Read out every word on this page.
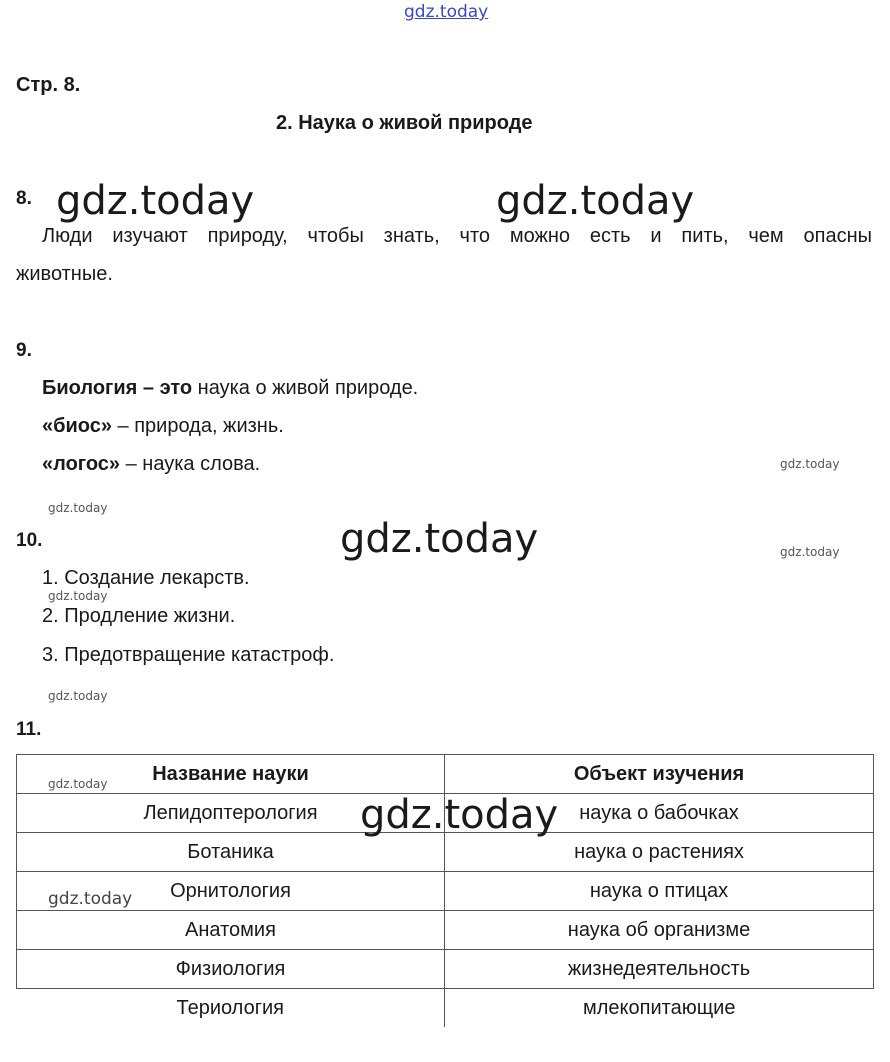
gdz.today
Стр. 8.
2. Наука о живой природе
8. gdz.today	gdz.today
Люди изучают природу, чтобы знать, что можно есть и пить, чем опасны
животные.
9.
Биология – это наука о живой природе.
«биос» – природа, жизнь.
«логос» – наука слова.	gdz.today
gdz.today
10.	gdz.today	gdz.today
1. Создание лекарств.
gdz.today
2. Продление жизни.
3. Предотвращение катастроф.
gdz.today
11.
Название науки	Объект изучения
Лепидоптерология	наука о бабочках
Ботаника	наука о растениях
Орнитология	наука о птицах
Анатомия	наука об организме
Физиология	жизнедеятельность
Териология	млекопитающие
gdz.today
gdz.today
gdz.today
